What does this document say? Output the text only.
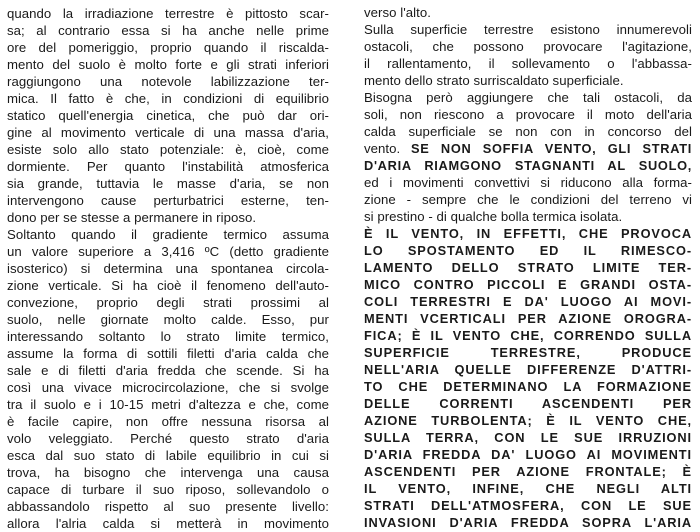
quando la irradiazione terrestre è pittosto scar-
sa; al contrario essa si ha anche nelle prime
ore del pomeriggio, proprio quando il riscalda-
mento del suolo è molto forte e gli strati inferiori
raggiungono una notevole labilizzazione ter-
mica. Il fatto è che, in condizioni di equilibrio
statico quell'energia cinetica, che può dar ori-
gine al movimento verticale di una massa d'aria,
esiste solo allo stato potenziale: è, cioè, come
dormiente. Per quanto l'instabilità atmosferica
sia grande, tuttavia le masse d'aria, se non
intervengono cause perturbatrici esterne, ten-
dono per se stesse a permanere in riposo.
Soltanto quando il gradiente termico assuma
un valore superiore a 3,416 ºC (detto gradiente
isosterico) si determina una spontanea circola-
zione verticale. Si ha cioè il fenomeno dell'auto-
convezione, proprio degli strati prossimi al
suolo, nelle giornate molto calde. Esso, pur
interessando soltanto lo strato limite termico,
assume la forma di sottili filetti d'aria calda che
sale e di filetti d'aria fredda che scende. Si ha
così una vivace microcircolazione, che si svolge
tra il suolo e i 10-15 metri d'altezza e che, come
è facile capire, non offre nessuna risorsa al
volo veleggiato. Perché questo strato d'aria
esca dal suo stato di labile equilibrio in cui si
trova, ha bisogno che intervenga una causa
capace di turbare il suo riposo, sollevandolo o
abbassandolo rispetto al suo presente livello:
allora l'alria calda si metterà in movimento
verso l'alto.
Sulla superficie terrestre esistono innumerevoli
ostacoli, che possono provocare l'agitazione,
il rallentamento, il sollevamento o l'abbassa-
mento dello strato surriscaldato superficiale.
Bisogna però aggiungere che tali ostacoli, da
soli, non riescono a provocare il moto dell'aria
calda superficiale se non con in concorso del
vento. SE NON SOFFIA VENTO, GLI STRATI
D'ARIA RIAMGONO STAGNANTI AL SUOLO,
ed i movimenti convettivi si riducono alla forma-
zione - sempre che le condizioni del terreno vi
si prestino - di qualche bolla termica isolata.
È IL VENTO, IN EFFETTI, CHE PROVOCA
LO SPOSTAMENTO ED IL RIMESCO-
LAMENTO DELLO STRATO LIMITE TER-
MICO CONTRO PICCOLI E GRANDI OSTA-
COLI TERRESTRI E DA' LUOGO AI MOVI-
MENTI VCERTICALI PER AZIONE OROGRA-
FICA; È IL VENTO CHE, CORRENDO SULLA
SUPERFICIE TERRESTRE, PRODUCE
NELL'ARIA QUELLE DIFFERENZE D'ATTRI-
TO CHE DETERMINANO LA FORMAZIONE
DELLE CORRENTI ASCENDENTI PER
AZIONE TURBOLENTA; È IL VENTO CHE,
SULLA TERRA, CON LE SUE IRRUZIONI
D'ARIA FREDDA DA' LUOGO AI MOVIMENTI
ASCENDENTI PER AZIONE FRONTALE; È
IL VENTO, INFINE, CHE NEGLI ALTI
STRATI DELL'ATMOSFERA, CON LE SUE
INVASIONI D'ARIA FREDDA SOPRA L'ARIA
